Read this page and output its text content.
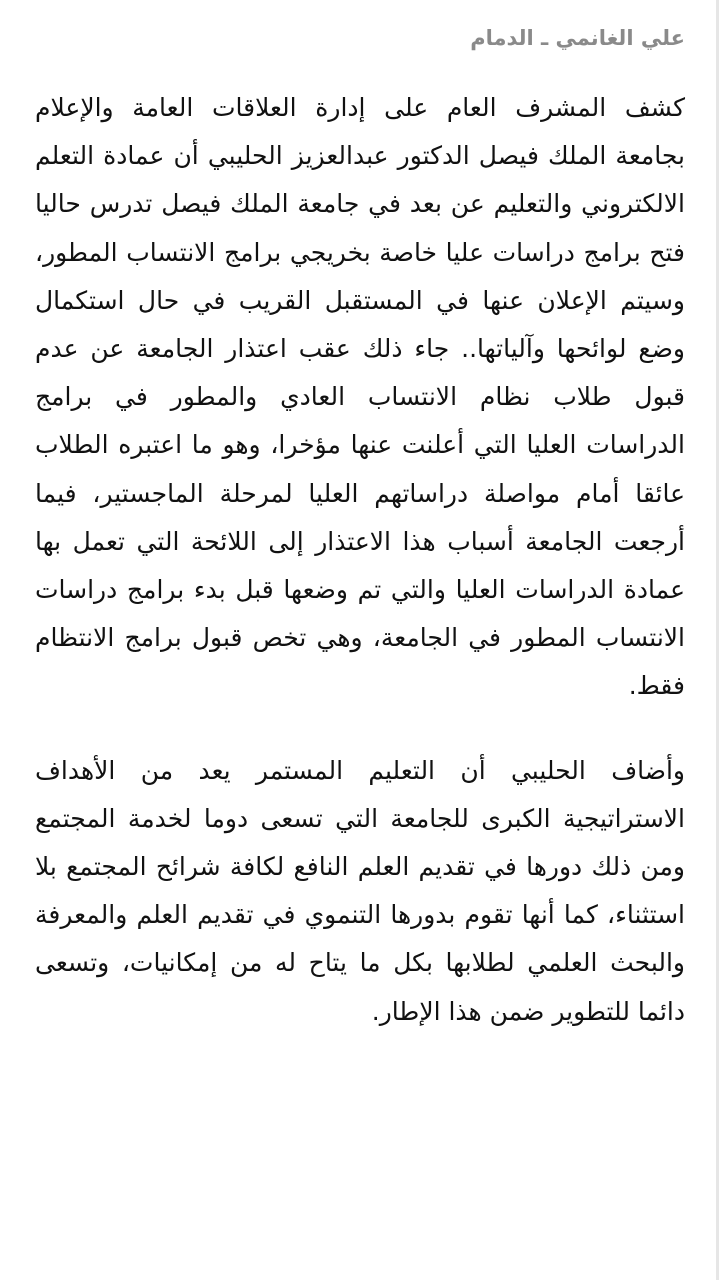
علي الغانمي ـ الدمام

كشف المشرف العام على إدارة العلاقات العامة والإعلام بجامعة الملك فيصل الدكتور عبدالعزيز الحليبي أن عمادة التعلم الالكتروني والتعليم عن بعد في جامعة الملك فيصل تدرس حاليا فتح برامج دراسات عليا خاصة بخريجي برامج الانتساب المطور، وسيتم الإعلان عنها في المستقبل القريب في حال استكمال وضع لوائحها وآلياتها.. جاء ذلك عقب اعتذار الجامعة عن عدم قبول طلاب نظام الانتساب العادي والمطور في برامج الدراسات العليا التي أعلنت عنها مؤخرا، وهو ما اعتبره الطلاب عائقا أمام مواصلة دراساتهم العليا لمرحلة الماجستير، فيما أرجعت الجامعة أسباب هذا الاعتذار إلى اللائحة التي تعمل بها عمادة الدراسات العليا والتي تم وضعها قبل بدء برامج دراسات الانتساب المطور في الجامعة، وهي تخص قبول برامج الانتظام فقط.

وأضاف الحليبي أن التعليم المستمر يعد من الأهداف الاستراتيجية الكبرى للجامعة التي تسعى دوما لخدمة المجتمع ومن ذلك دورها في تقديم العلم النافع لكافة شرائح المجتمع بلا استثناء، كما أنها تقوم بدورها التنموي في تقديم العلم والمعرفة والبحث العلمي لطلابها بكل ما يتاح له من إمكانيات، وتسعى دائما للتطوير ضمن هذا الإطار.
